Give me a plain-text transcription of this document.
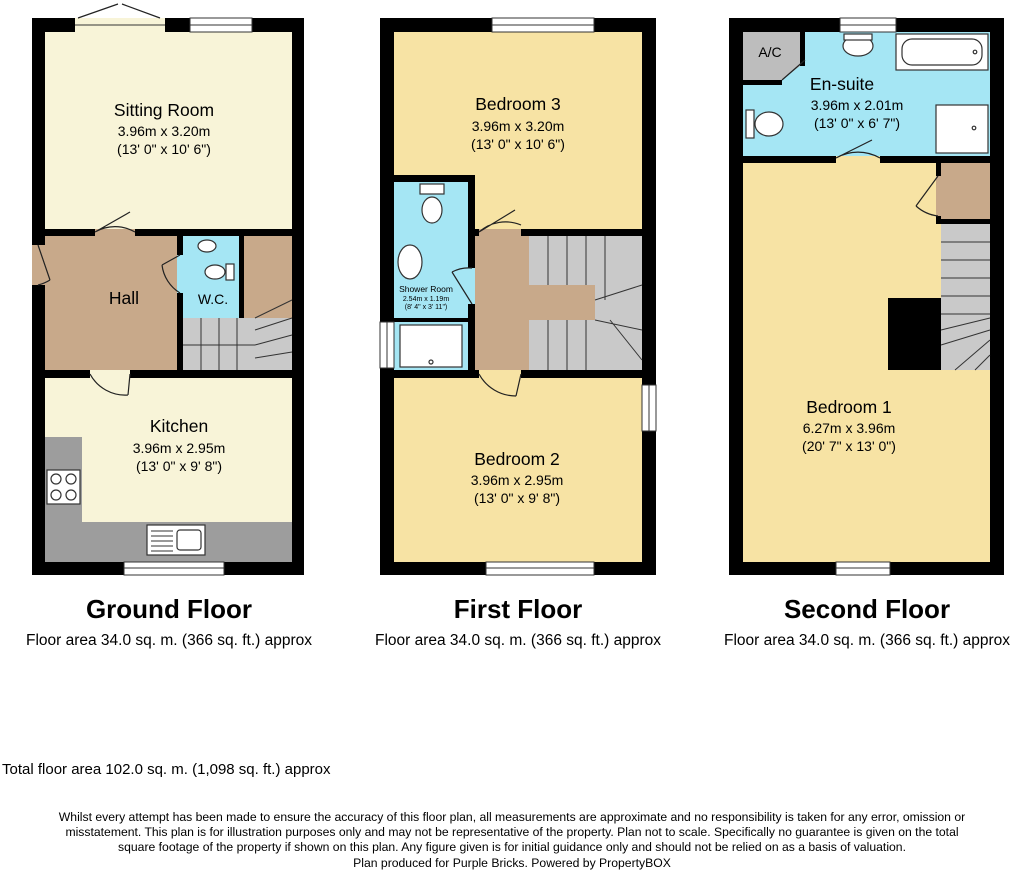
Sitting Room
3.96m x 3.20m
(13' 0" x 10' 6")
Hall	W.C.
Kitchen
3.96m x 2.95m
(13' 0" x 9' 8")
Bedroom 3
3.96m x 3.20m
(13' 0" x 10' 6")
Shower Room
2.54m x 1.19m
(8' 4" x 3' 11")
Bedroom 2
3.96m x 2.95m
(13' 0" x 9' 8")
A/C
En-suite
3.96m x 2.01m
(13' 0" x 6' 7")
Bedroom 1
6.27m x 3.96m
(20' 7" x 13' 0")
Ground Floor
Floor area 34.0 sq. m. (366 sq. ft.) approx
First Floor
Floor area 34.0 sq. m. (366 sq. ft.) approx
Second Floor
Floor area 34.0 sq. m. (366 sq. ft.) approx
Total floor area 102.0 sq. m. (1,098 sq. ft.) approx
Whilst every attempt has been made to ensure the accuracy of this floor plan, all measurements are approximate and no responsibility is taken for any error, omission or
misstatement. This plan is for illustration purposes only and may not be representative of the property. Plan not to scale. Specifically no guarantee is given on the total
square footage of the property if shown on this plan. Any figure given is for initial guidance only and should not be relied on as a basis of valuation.
Plan produced for Purple Bricks. Powered by PropertyBOX
